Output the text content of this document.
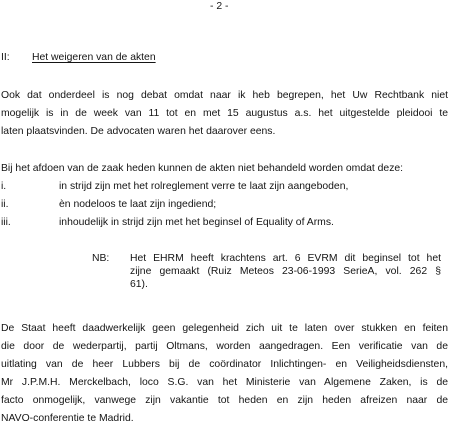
- 2 -
II: Het weigeren van de akten
Ook dat onderdeel is nog debat omdat naar ik heb begrepen, het Uw Rechtbank niet
mogelijk is in de week van 11 tot en met 15 augustus a.s. het uitgestelde pleidooi te
laten plaatsvinden. De advocaten waren het daarover eens.
Bij het afdoen van de zaak heden kunnen de akten niet behandeld worden omdat deze:
i.	in strijd zijn met het rolreglement verre te laat zijn aangeboden,
ii.	èn nodeloos te laat zijn ingediend;
iii.	inhoudelijk in strijd zijn met het beginsel of Equality of Arms.
NB: Het EHRM heeft krachtens art. 6 EVRM dit beginsel tot het
zijne gemaakt (Ruiz Meteos 23-06-1993 SerieA, vol. 262 §
61).
De Staat heeft daadwerkelijk geen gelegenheid zich uit te laten over stukken en feiten
die door de wederpartij, partij Oltmans, worden aangedragen. Een verificatie van de
uitlating van de heer Lubbers bij de coördinator Inlichtingen- en Veiligheidsdiensten,
Mr J.P.M.H. Merckelbach, loco S.G. van het Ministerie van Algemene Zaken, is de
facto onmogelijk, vanwege zijn vakantie tot heden en zijn heden afreizen naar de
NAVO-conferentie te Madrid.
